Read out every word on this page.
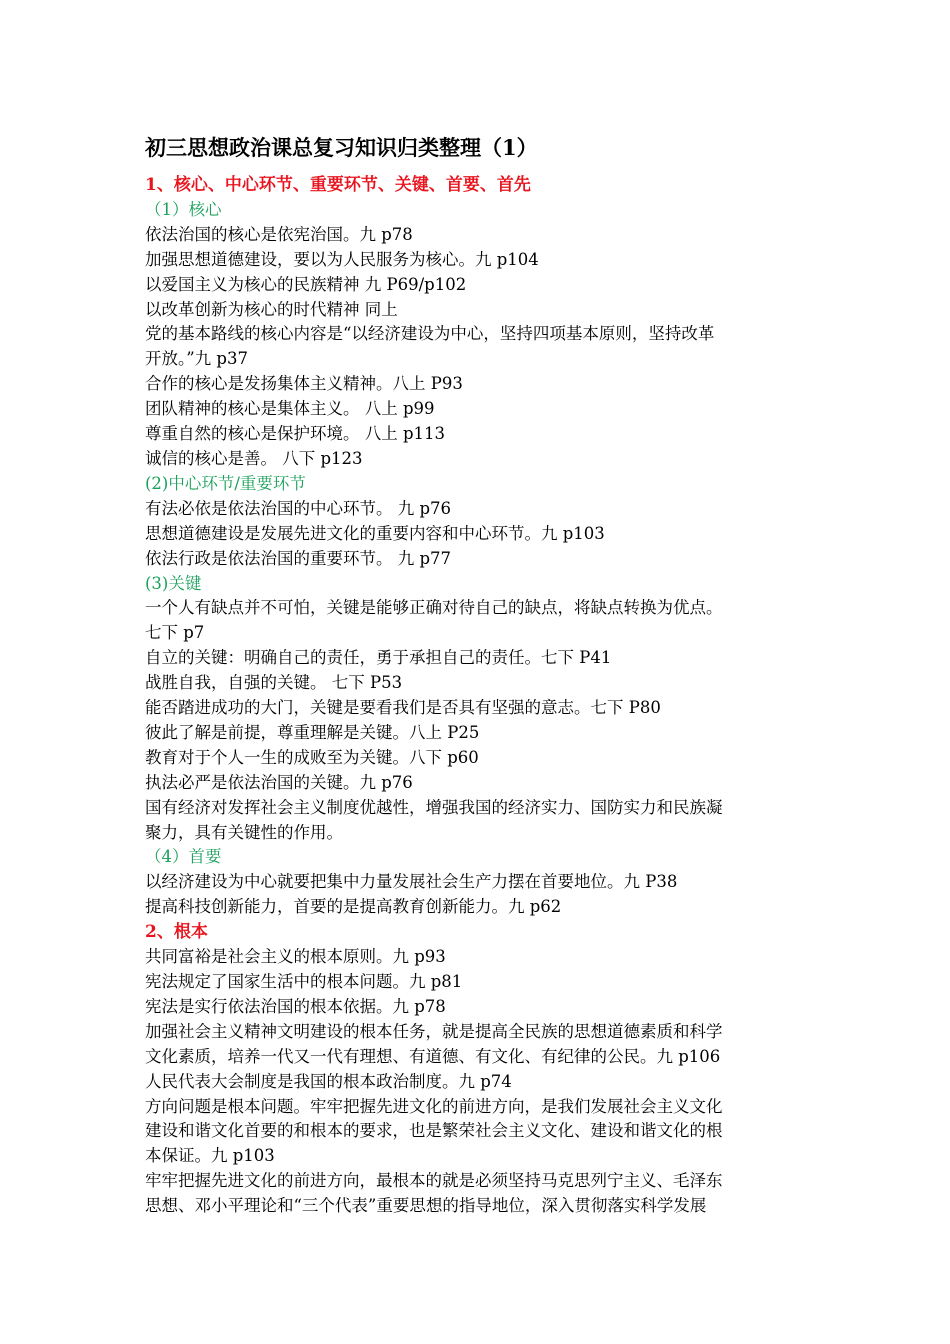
初三思想政治课总复习知识归类整理（1）
1、核心、中心环节、重要环节、关键、首要、首先
（1）核心
依法治国的核心是依宪治国。九 p78
加强思想道德建设，要以为人民服务为核心。九 p104
以爱国主义为核心的民族精神 九 P69/p102
以改革创新为核心的时代精神 同上
党的基本路线的核心内容是“以经济建设为中心，坚持四项基本原则，坚持改革
开放。”九 p37
合作的核心是发扬集体主义精神。八上 P93
团队精神的核心是集体主义。 八上 p99
尊重自然的核心是保护环境。 八上 p113
诚信的核心是善。 八下 p123
(2)中心环节/重要环节
有法必依是依法治国的中心环节。 九 p76
思想道德建设是发展先进文化的重要内容和中心环节。九 p103
依法行政是依法治国的重要环节。 九 p77
(3)关键
一个人有缺点并不可怕，关键是能够正确对待自己的缺点，将缺点转换为优点。
七下 p7
自立的关键：明确自己的责任，勇于承担自己的责任。七下 P41
战胜自我，自强的关键。 七下 P53
能否踏进成功的大门，关键是要看我们是否具有坚强的意志。七下 P80
彼此了解是前提，尊重理解是关键。八上 P25
教育对于个人一生的成败至为关键。八下 p60
执法必严是依法治国的关键。九 p76
国有经济对发挥社会主义制度优越性，增强我国的经济实力、国防实力和民族凝
聚力，具有关键性的作用。
（4）首要
以经济建设为中心就要把集中力量发展社会生产力摆在首要地位。九 P38
提高科技创新能力，首要的是提高教育创新能力。九 p62
2、根本
共同富裕是社会主义的根本原则。九 p93
宪法规定了国家生活中的根本问题。九 p81
宪法是实行依法治国的根本依据。九 p78
加强社会主义精神文明建设的根本任务，就是提高全民族的思想道德素质和科学
文化素质，培养一代又一代有理想、有道德、有文化、有纪律的公民。九 p106
人民代表大会制度是我国的根本政治制度。九 p74
方向问题是根本问题。牢牢把握先进文化的前进方向，是我们发展社会主义文化
建设和谐文化首要的和根本的要求，也是繁荣社会主义文化、建设和谐文化的根
本保证。九 p103
牢牢把握先进文化的前进方向，最根本的就是必须坚持马克思列宁主义、毛泽东
思想、邓小平理论和“三个代表”重要思想的指导地位，深入贯彻落实科学发展
